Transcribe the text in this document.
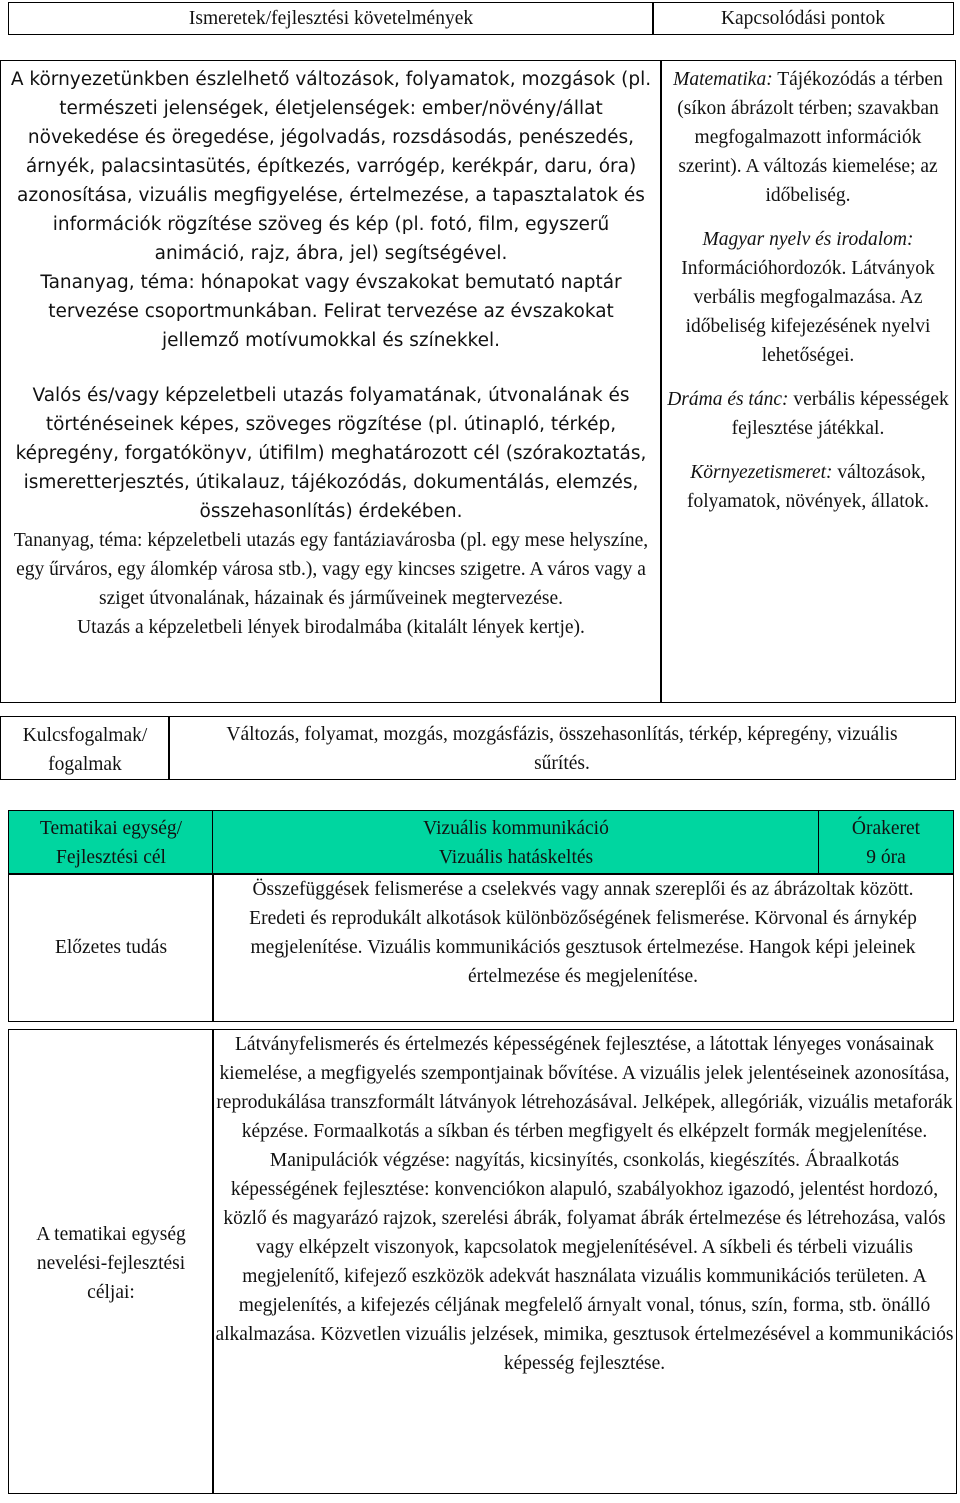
Ismeretek/fejlesztési követelmények	Kapcsolódási pontok

A környezetünkben észlelhető változások, folyamatok, mozgások (pl. természeti jelenségek, életjelenségek: ember/növény/állat növekedése és öregedése, jégolvadás, rozsdásodás, penészedés, árnyék, palacsintasütés, építkezés, varrógép, kerékpár, daru, óra) azonosítása, vizuális megfigyelése, értelmezése, a tapasztalatok és információk rögzítése szöveg és kép (pl. fotó, film, egyszerű animáció, rajz, ábra, jel) segítségével.

Tananyag, téma: hónapokat vagy évszakokat bemutató naptár tervezése csoportmunkában. Felirat tervezése az évszakokat jellemző motívumokkal és színekkel.

Valós és/vagy képzeletbeli utazás folyamatának, útvonalának és történéseinek képes, szöveges rögzítése (pl. útinapló, térkép, képregény, forgatókönyv, útifilm) meghatározott cél (szórakoztatás, ismeretterjesztés, útikalauz, tájékozódás, dokumentálás, elemzés, összehasonlítás) érdekében.

Tananyag, téma: képzeletbeli utazás egy fantáziavárosba (pl. egy mese helyszíne, egy űrváros, egy álomkép városa stb.), vagy egy kincses szigetre. A város vagy a sziget útvonalának, házainak és járműveinek megtervezése.

Utazás a képzeletbeli lények birodalmába (kitalált lények kertje).

Matematika: Tájékozódás a térben (síkon ábrázolt térben; szavakban megfogalmazott információk szerint). A változás kiemelése; az időbeliség.

Magyar nyelv és irodalom: Információhordozók. Látványok verbális megfogalmazása. Az időbeliség kifejezésének nyelvi lehetőségei.

Dráma és tánc: verbális képességek fejlesztése játékkal.

Környezetismeret: változások, folyamatok, növények, állatok.

Kulcsfogalmak/ fogalmak
Változás, folyamat, mozgás, mozgásfázis, összehasonlítás, térkép, képregény, vizuális sűrítés.
Tematikai egység/ Fejlesztési cél
Vizuális kommunikáció
Vizuális hatáskeltés
Órakeret
9 óra
Előzetes tudás
Összefüggések felismerése a cselekvés vagy annak szereplői és az ábrázoltak között. Eredeti és reprodukált alkotások különbözőségének felismerése. Körvonal és árnykép megjelenítése. Vizuális kommunikációs gesztusok értelmezése. Hangok képi jeleinek értelmezése és megjelenítése.
A tematikai egység nevelési-fejlesztési céljai:
Látványfelismerés és értelmezés képességének fejlesztése, a látottak lényeges vonásainak kiemelése, a megfigyelés szempontjainak bővítése. A vizuális jelek jelentéseinek azonosítása, reprodukálása transzformált látványok létrehozásával. Jelképek, allegóriák, vizuális metaforák képzése. Formaalkotás a síkban és térben megfigyelt és elképzelt formák megjelenítése. Manipulációk végzése: nagyítás, kicsinyítés, csonkolás, kiegészítés. Ábraalkotás képességének fejlesztése: konvenciókon alapuló, szabályokhoz igazodó, jelentést hordozó, közlő és magyarázó rajzok, szerelési ábrák, folyamat ábrák értelmezése és létrehozása, valós vagy elképzelt viszonyok, kapcsolatok megjelenítésével. A síkbeli és térbeli vizuális megjelenítő, kifejező eszközök adekvát használata vizuális kommunikációs területen. A megjelenítés, a kifejezés céljának megfelelő árnyalt vonal, tónus, szín, forma, stb. önálló alkalmazása. Közvetlen vizuális jelzések, mimika, gesztusok értelmezésével a kommunikációs képesség fejlesztése.
